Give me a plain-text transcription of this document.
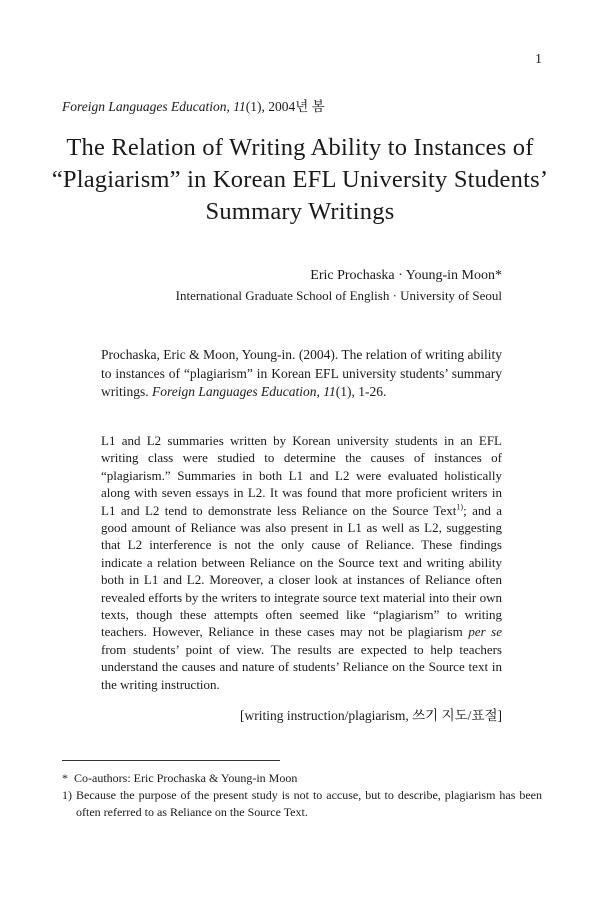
1
Foreign Languages Education, 11(1), 2004년 봄
The Relation of Writing Ability to Instances of
“Plagiarism” in Korean EFL University Students’
Summary Writings
Eric Prochaska · Young-in Moon*
International Graduate School of English · University of Seoul
Prochaska, Eric & Moon, Young-in. (2004). The relation of writing ability to instances of “plagiarism” in Korean EFL university students’ summary writings. Foreign Languages Education, 11(1), 1-26.
L1 and L2 summaries written by Korean university students in an EFL writing class were studied to determine the causes of instances of “plagiarism.” Summaries in both L1 and L2 were evaluated holistically along with seven essays in L2. It was found that more proficient writers in L1 and L2 tend to demonstrate less Reliance on the Source Text$^{1)}$; and a good amount of Reliance was also present in L1 as well as L2, suggesting that L2 interference is not the only cause of Reliance. These findings indicate a relation between Reliance on the Source text and writing ability both in L1 and L2. Moreover, a closer look at instances of Reliance often revealed efforts by the writers to integrate source text material into their own texts, though these attempts often seemed like “plagiarism” to writing teachers. However, Reliance in these cases may not be plagiarism per se from students’ point of view. The results are expected to help teachers understand the causes and nature of students’ Reliance on the Source text in the writing instruction.
[writing instruction/plagiarism, 쓰기 지도/표절]
* Co-authors: Eric Prochaska & Young-in Moon
1) Because the purpose of the present study is not to accuse, but to describe, plagiarism has been often referred to as Reliance on the Source Text.
